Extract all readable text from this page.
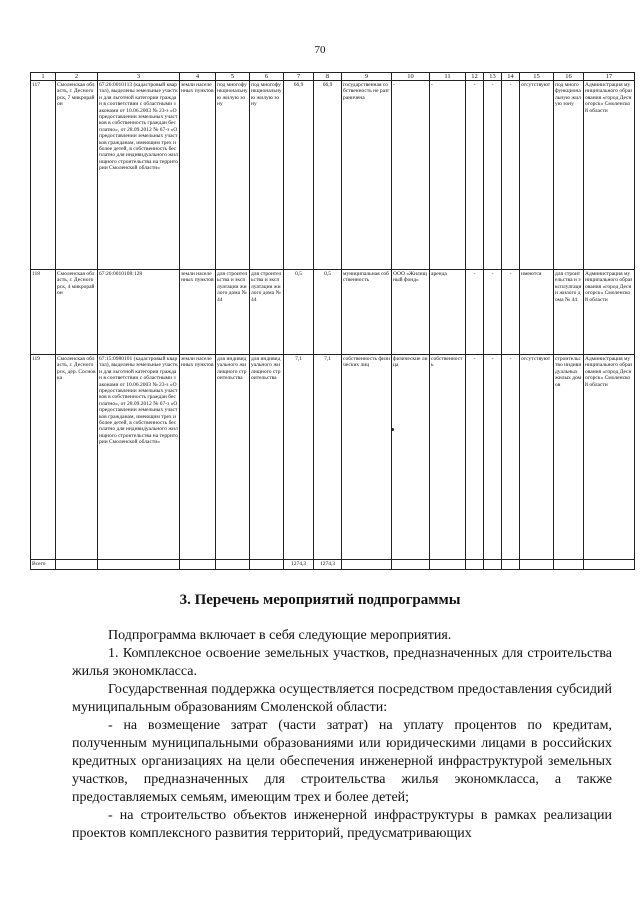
70
1	2	3	4	5	6	7	8	9	10	11	12	13	14	15	16	17
117	Смоленская область, г. Десногорск, 7 микрорайон	67:26:0010113 (кадастровый квартал), выделены земельные участки для льготной категории граждан в соответствии с областными законами от 10.06.2003 № 23-з «О предоставлении земельных участков в собственность граждан бесплатно», от 28.09.2012 № 67-з «О предоставлении земельных участков гражданам, имеющим трех и более детей, в собственность бесплатно для индивидуального жилищного строительства на территории Смоленской области»	земли населенных пунктов	под многофункциональную жилую зону	под многофункциональную жилую зону	66,9	66,9	государственная собственность не разграничена	-	-	-	-	-	отсутствуют	под многофункциональную жилую зону	Администрация муниципального образования «город Десногорск» Смоленской области
118	Смоленская область, г. Десногорск, 4 микрорайон	67:26:0010108:128	земли населенных пунктов	для строительства и эксплуатации жилого дома № 44	для строительства и эксплуатации жилого дома № 44	0,5	0,5	муниципальная собственность	ООО «Жилищный фонд»	аренда	-	-	-	имеются	для строительства и эксплуатации жилого дома № 44	Администрация муниципального образования «город Десногорск» Смоленской области
119	Смоленская область, г. Десногорск, дер. Сосновка	67:15:0980101 (кадастровый квартал), выделены земельные участки для льготной категории граждан в соответствии с областными законами от 10.06.2003 № 23-з «О предоставлении земельных участков в собственность граждан бесплатно», от 28.09.2012 № 67-з «О предоставлении земельных участков гражданам, имеющим трех и более детей, в собственность бесплатно для индивидуального жилищного строительства на территории Смоленской области»	земли населенных пунктов	для индивидуального жилищного строительства	для индивидуального жилищного строительства	7,1	7,1	собственность физических лиц	физические лица	собственность	-	-	-	отсутствуют	строительство индивидуальных жилых домов	Администрация муниципального образования «город Десногорск» Смоленской области
Всего						1274,3	1274,3									
3. Перечень мероприятий подпрограммы

Подпрограмма включает в себя следующие мероприятия.

1. Комплексное освоение земельных участков, предназначенных для строительства жилья экономкласса.

Государственная поддержка осуществляется посредством предоставления субсидий муниципальным образованиям Смоленской области:

- на возмещение затрат (части затрат) на уплату процентов по кредитам, полученным муниципальными образованиями или юридическими лицами в российских кредитных организациях на цели обеспечения инженерной инфраструктурой земельных участков, предназначенных для строительства жилья экономкласса, а также предоставляемых семьям, имеющим трех и более детей;

- на строительство объектов инженерной инфраструктуры в рамках реализации проектов комплексного развития территорий, предусматривающих
